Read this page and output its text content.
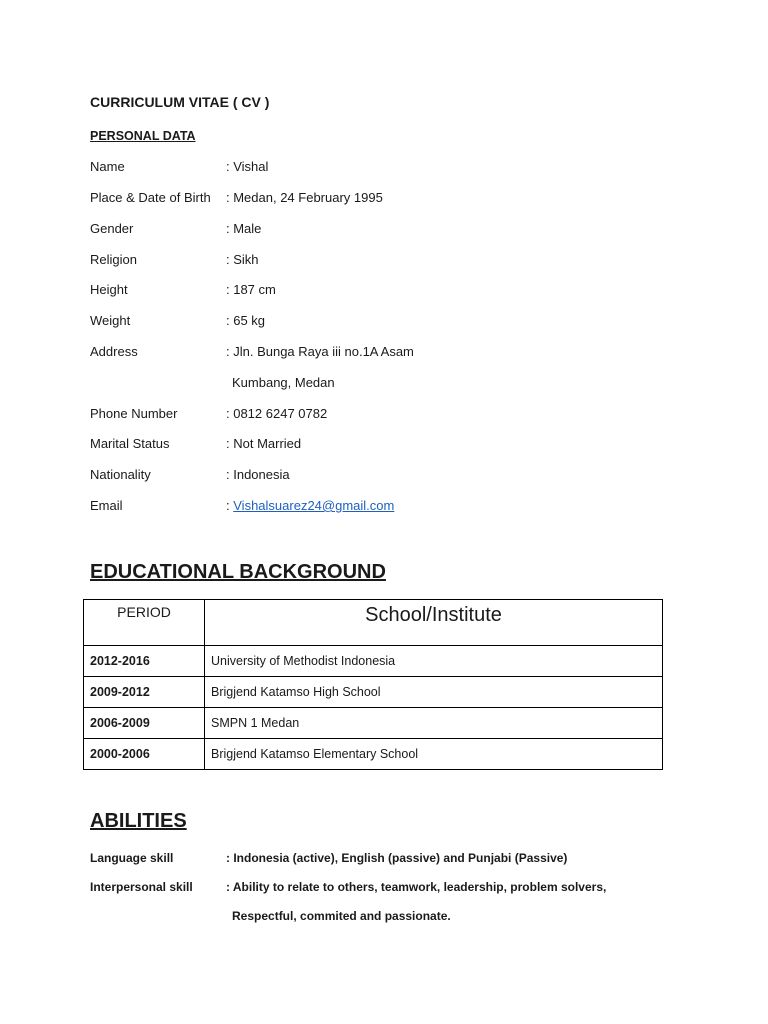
CURRICULUM VITAE ( CV )
PERSONAL DATA
Name	: Vishal
Place & Date of Birth : Medan, 24 February 1995
Gender	: Male
Religion	: Sikh
Height	: 187 cm
Weight	: 65 kg
Address	: Jln. Bunga Raya iii no.1A Asam
Kumbang, Medan
Phone Number	: 0812 6247 0782
Marital Status	: Not Married
Nationality	: Indonesia
Email	: Vishalsuarez24@gmail.com
EDUCATIONAL BACKGROUND
PERIOD	School/Institute
2012-2016	University of Methodist Indonesia
2009-2012	Brigjend Katamso High School
2006-2009	SMPN 1 Medan
2000-2006	Brigjend Katamso Elementary School
ABILITIES
Language skill	: Indonesia (active), English (passive) and Punjabi (Passive)
Interpersonal skill	: Ability to relate to others, teamwork, leadership, problem solvers,
Respectful, commited and passionate.
